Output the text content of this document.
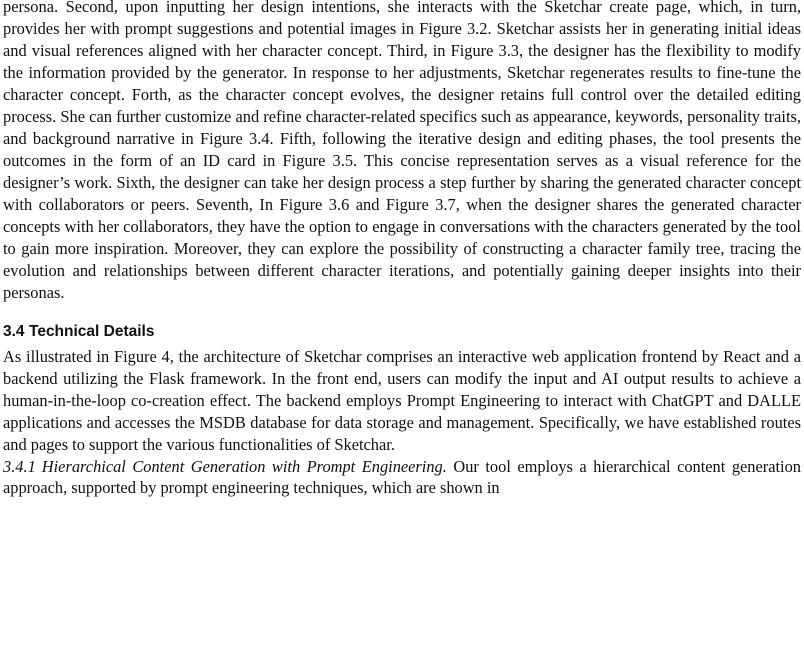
persona. Second, upon inputting her design intentions, she interacts with the Sketchar create page, which, in turn, provides her with prompt suggestions and potential images in Figure 3.2. Sketchar assists her in generating initial ideas and visual references aligned with her character concept. Third, in Figure 3.3, the designer has the flexibility to modify the information provided by the generator. In response to her adjustments, Sketchar regenerates results to fine-tune the character concept. Forth, as the character concept evolves, the designer retains full control over the detailed editing process. She can further customize and refine character-related specifics such as appearance, keywords, personality traits, and background narrative in Figure 3.4. Fifth, following the iterative design and editing phases, the tool presents the outcomes in the form of an ID card in Figure 3.5. This concise representation serves as a visual reference for the designer’s work. Sixth, the designer can take her design process a step further by sharing the generated character concept with collaborators or peers. Seventh, In Figure 3.6 and Figure 3.7, when the designer shares the generated character concepts with her collaborators, they have the option to engage in conversations with the characters generated by the tool to gain more inspiration. Moreover, they can explore the possibility of constructing a character family tree, tracing the evolution and relationships between different character iterations, and potentially gaining deeper insights into their personas.

3.4 Technical Details

As illustrated in Figure 4, the architecture of Sketchar comprises an interactive web application frontend by React and a backend utilizing the Flask framework. In the front end, users can modify the input and AI output results to achieve a human-in-the-loop co-creation effect. The backend employs Prompt Engineering to interact with ChatGPT and DALLE applications and accesses the MSDB database for data storage and management. Specifically, we have established routes and pages to support the various functionalities of Sketchar.

3.4.1 Hierarchical Content Generation with Prompt Engineering. Our tool employs a hierarchical content generation approach, supported by prompt engineering techniques, which are shown in
